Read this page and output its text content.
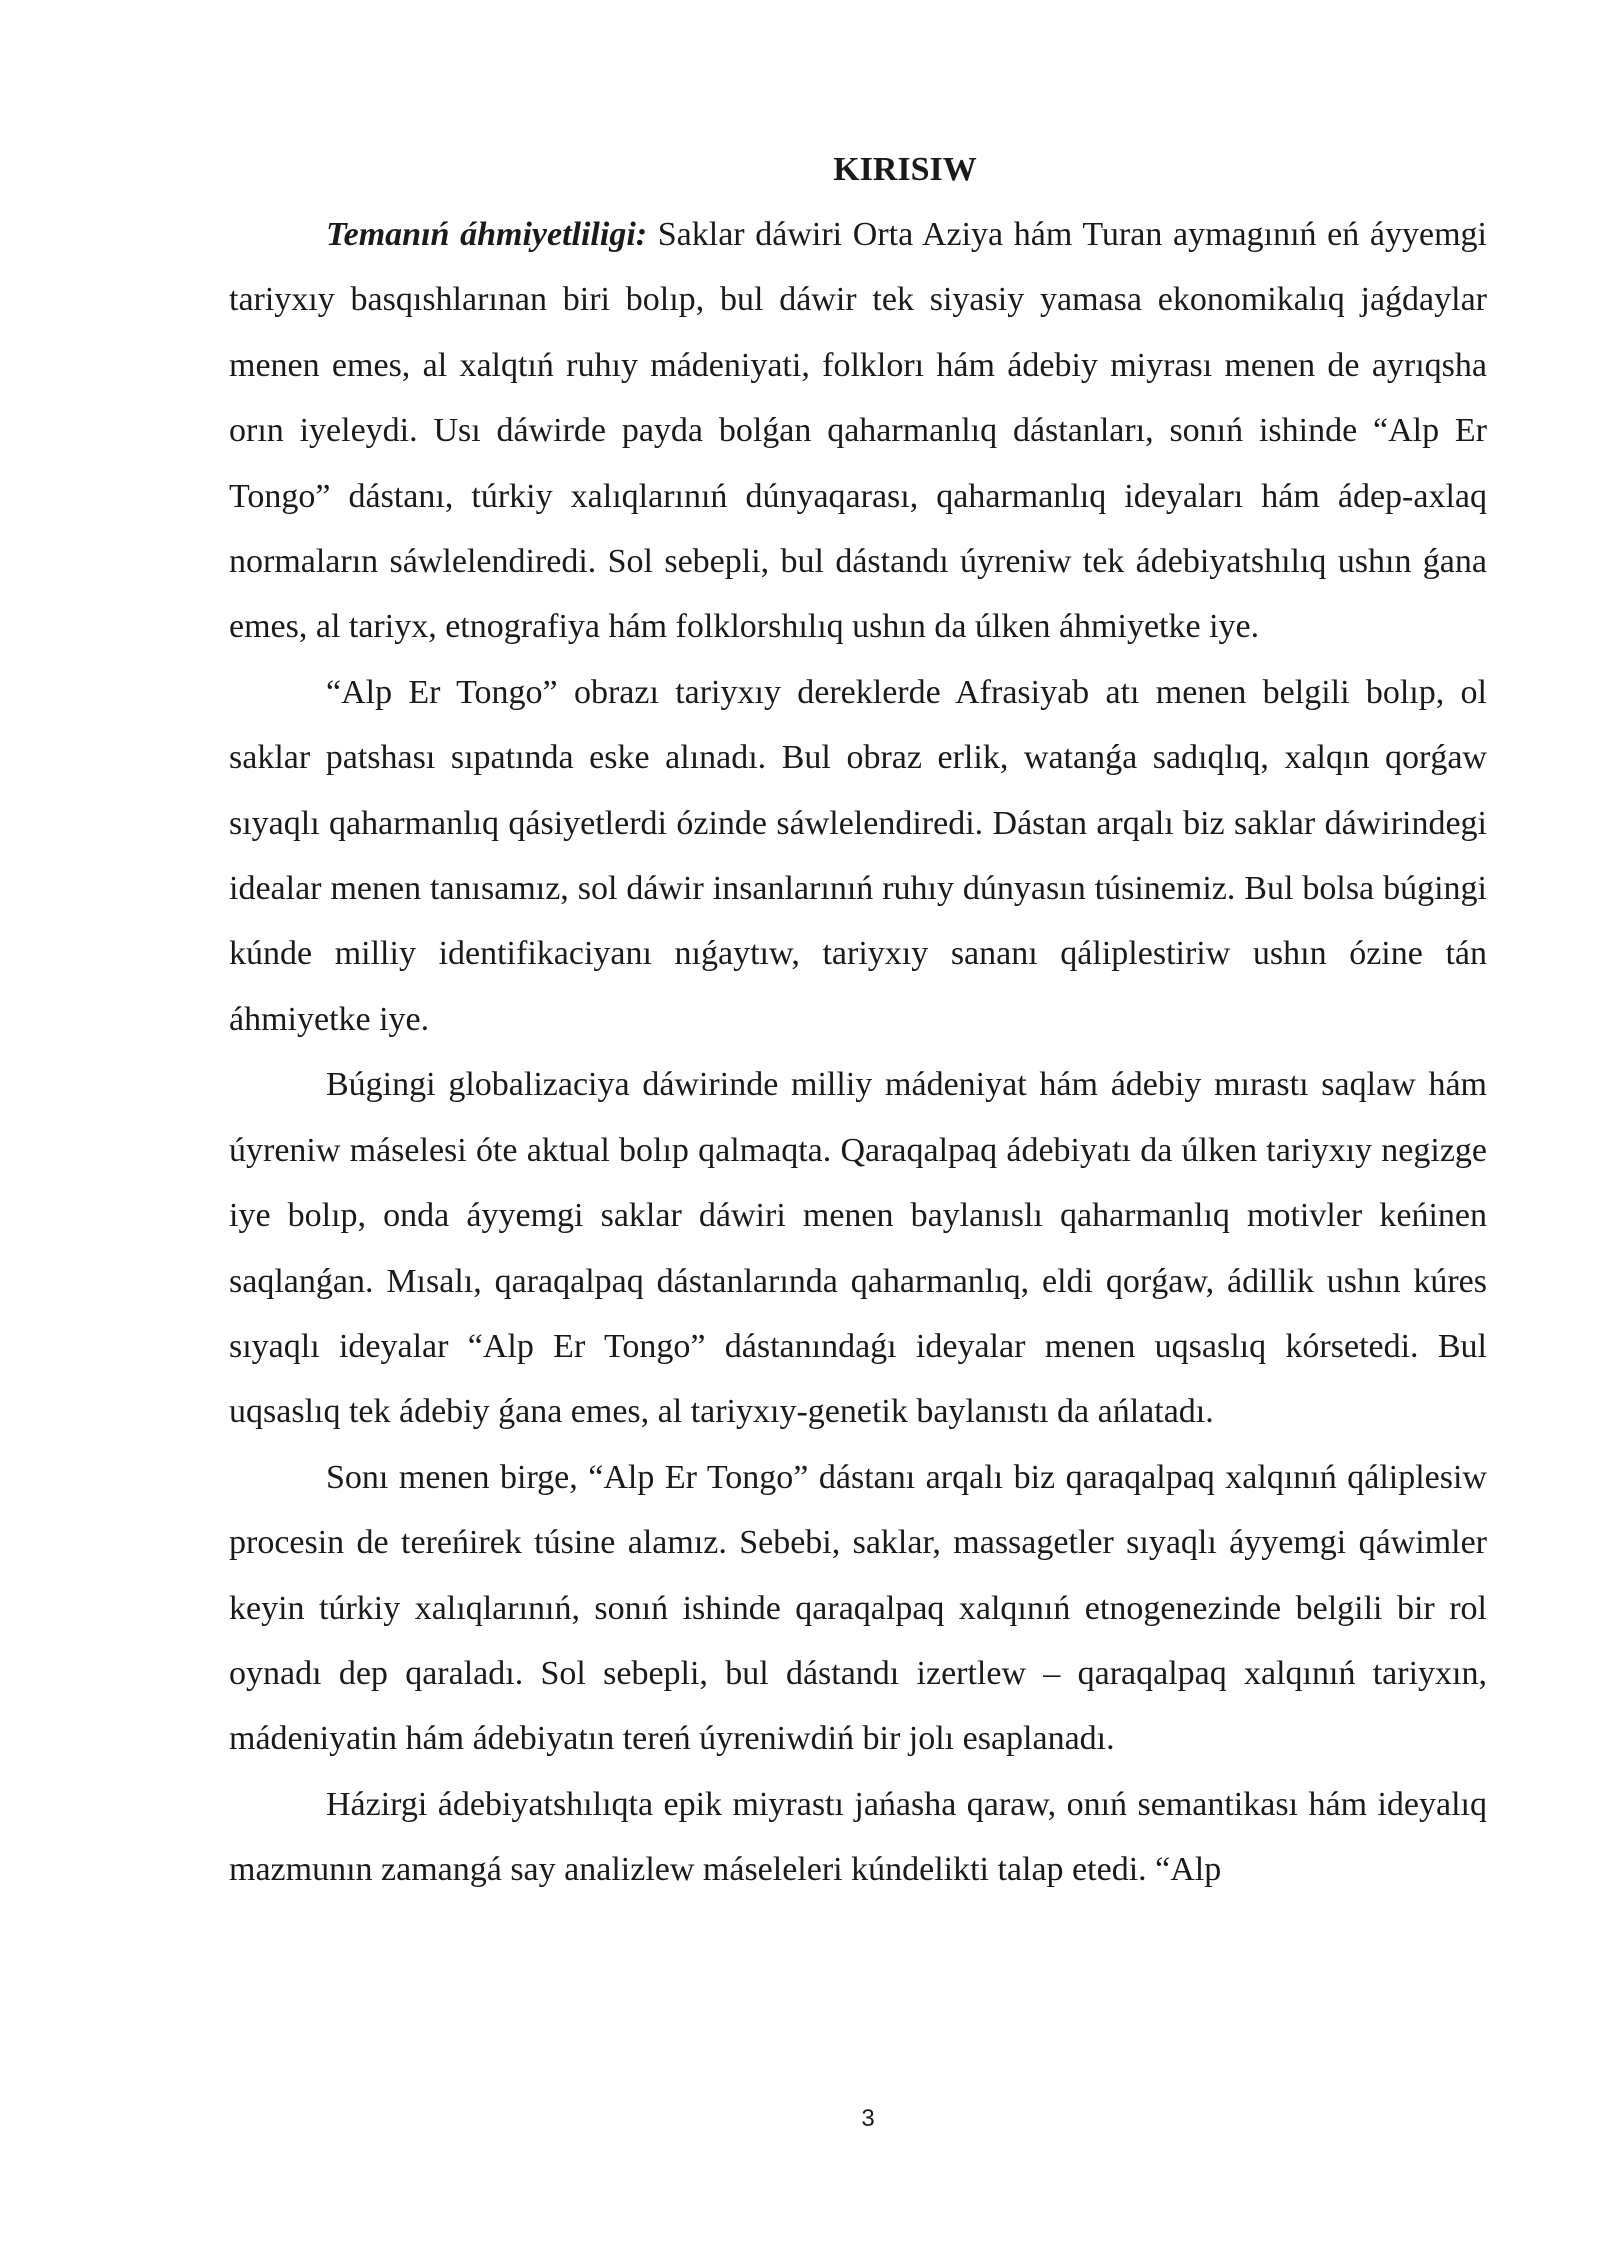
KIRISIW

Temanıń áhmiyetliligi: Saklar dáwiri Orta Aziya hám Turan aymagınıń eń áyyemgi tariyxıy basqıshlarınan biri bolıp, bul dáwir tek siyasiy yamasa ekonomikalıq jaǵdaylar menen emes, al xalqtıń ruhıy mádeniyati, folklorı hám ádebiy miyrası menen de ayrıqsha orın iyeleydi. Usı dáwirde payda bolǵan qaharmanlıq dástanları, sonıń ishinde “Alp Er Tongo” dástanı, túrkiy xalıqlarınıń dúnyaqarası, qaharmanlıq ideyaları hám ádep-axlaq normaların sáwlelendiredi. Sol sebepli, bul dástandı úyreniw tek ádebiyatshılıq ushın ǵana emes, al tariyx, etnografiya hám folklorshılıq ushın da úlken áhmiyetke iye.

“Alp Er Tongo” obrazı tariyxıy dereklerde Afrasiyab atı menen belgili bolıp, ol saklar patshası sıpatında eske alınadı. Bul obraz erlik, watanǵa sadıqlıq, xalqın qorǵaw sıyaqlı qaharmanlıq qásiyetlerdi ózinde sáwlelendiredi. Dástan arqalı biz saklar dáwirindegi idealar menen tanısamız, sol dáwir insanlarınıń ruhıy dúnyasın túsinemiz. Bul bolsa búgingi kúnde milliy identifikaciyanı nıǵaytıw, tariyxıy sananı qáliplestiriw ushın ózine tán áhmiyetke iye.

Búgingi globalizaciya dáwirinde milliy mádeniyat hám ádebiy mırastı saqlaw hám úyreniw máselesi óte aktual bolıp qalmaqta. Qaraqalpaq ádebiyatı da úlken tariyxıy negizge iye bolıp, onda áyyemgi saklar dáwiri menen baylanıslı qaharmanlıq motivler keńinen saqlanǵan. Mısalı, qaraqalpaq dástanlarında qaharmanlıq, eldi qorǵaw, ádillik ushın kúres sıyaqlı ideyalar “Alp Er Tongo” dástanındaǵı ideyalar menen uqsaslıq kórsetedi. Bul uqsaslıq tek ádebiy ǵana emes, al tariyxıy-genetik baylanıstı da ańlatadı.

Sonı menen birge, “Alp Er Tongo” dástanı arqalı biz qaraqalpaq xalqınıń qáliplesiw procesin de tereńirek túsine alamız. Sebebi, saklar, massagetler sıyaqlı áyyemgi qáwimler keyin túrkiy xalıqlarınıń, sonıń ishinde qaraqalpaq xalqınıń etnogenezinde belgili bir rol oynadı dep qaraladı. Sol sebepli, bul dástandı izertlew – qaraqalpaq xalqınıń tariyxın, mádeniyatin hám ádebiyatın tereń úyreniwdiń bir jolı esaplanadı.

Házirgi ádebiyatshılıqta epik miyrastı jańasha qaraw, onıń semantikası hám ideyalıq mazmunın zamangá say analizlew máseleleri kúndelikti talap etedi. “Alp

3
